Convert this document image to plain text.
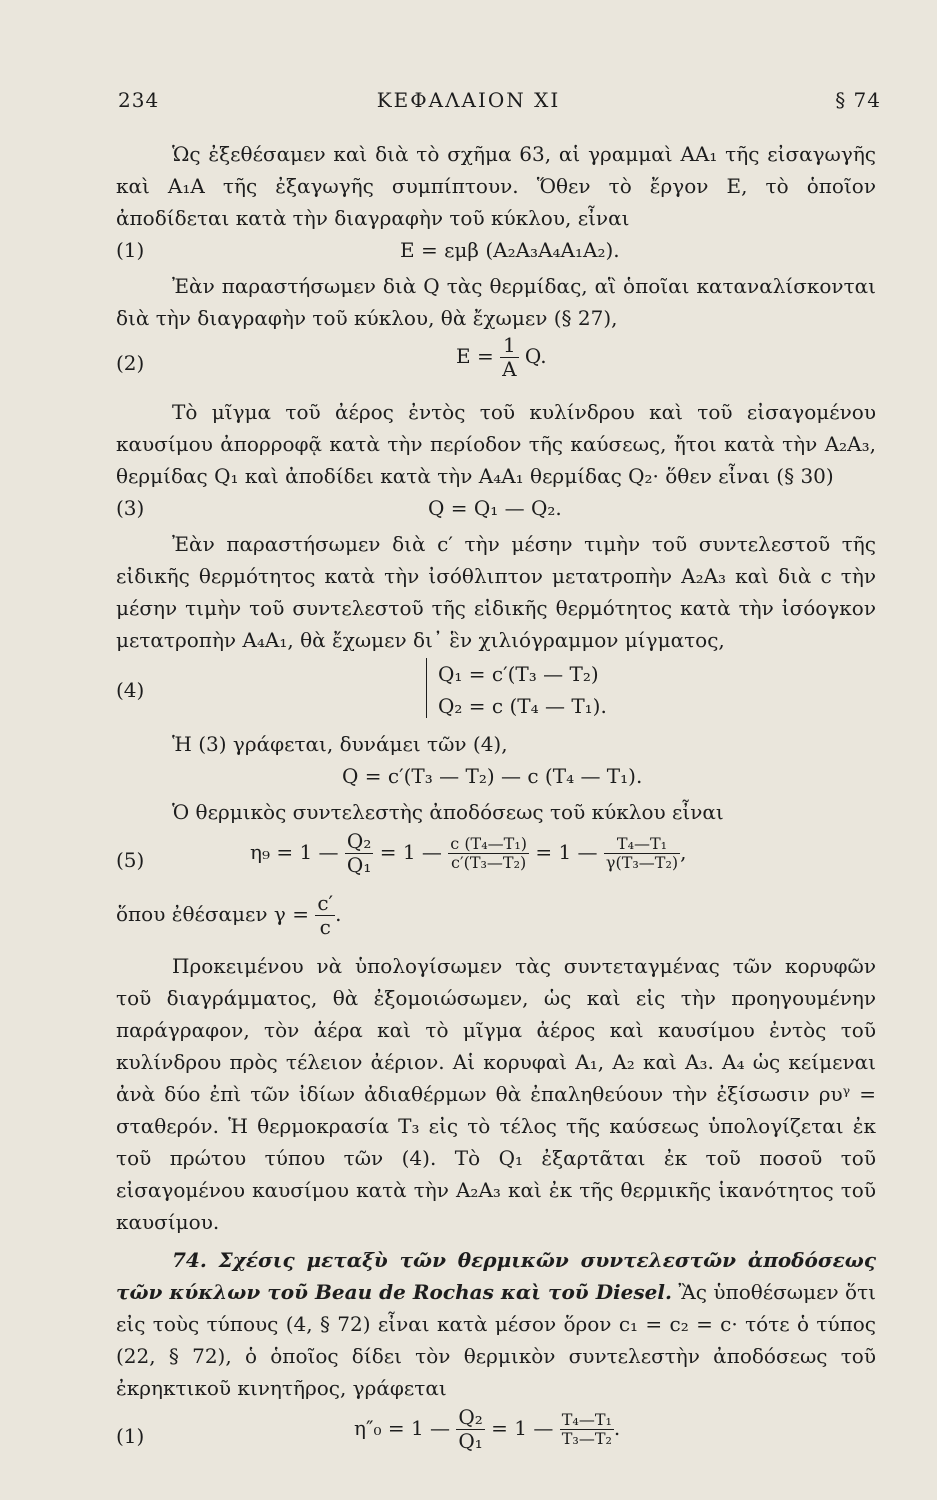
234	ΚΕΦΑΛΑΙΟΝ XI	§ 74

Ὡς ἐξεθέσαμεν καὶ διὰ τὸ σχῆμα 63, αἱ γραμμαὶ ΑΑ₁ τῆς εἰσαγωγῆς καὶ Α₁Α τῆς ἐξαγωγῆς συμπίπτουν. Ὅθεν τὸ ἔργον Ε, τὸ ὁποῖον ἀποδίδεται κατὰ τὴν διαγραφὴν τοῦ κύκλου, εἶναι

(1)	E = εμβ (Α₂Α₃Α₄Α₁Α₂).

Ἐὰν παραστήσωμεν διὰ Q τὰς θερμίδας, αἳ ὁποῖαι καταναλίσκονται διὰ τὴν διαγραφὴν τοῦ κύκλου, θὰ ἔχωμεν (§ 27),

(2)	$E = \frac{1}{A} Q$.

Τὸ μῖγμα τοῦ ἀέρος ἐντὸς τοῦ κυλίνδρου καὶ τοῦ εἰσαγομένου καυσίμου ἀπορροφᾷ κατὰ τὴν περίοδον τῆς καύσεως, ἤτοι κατὰ τὴν Α₂Α₃, θερμίδας Q₁ καὶ ἀποδίδει κατὰ τὴν Α₄Α₁ θερμίδας Q₂· ὅθεν εἶναι (§ 30)

(3)	Q = Q₁ — Q₂.

Ἐὰν παραστήσωμεν διὰ c′ τὴν μέσην τιμὴν τοῦ συντελεστοῦ τῆς εἰδικῆς θερμότητος κατὰ τὴν ἰσόθλιπτον μετατροπὴν Α₂Α₃ καὶ διὰ c τὴν μέσην τιμὴν τοῦ συντελεστοῦ τῆς εἰδικῆς θερμότητος κατὰ τὴν ἰσόογκον μετατροπὴν Α₄Α₁, θὰ ἔχωμεν δι᾿ ἓν χιλιόγραμμον μίγματος,

(4)
Q₁ = c′(T₃ — T₂)
Q₂ = c (T₄ — T₁).

Ἡ (3) γράφεται, δυνάμει τῶν (4),

Q = c′(T₃ — T₂) — c (T₄ — T₁).

Ὁ θερμικὸς συντελεστὴς ἀποδόσεως τοῦ κύκλου εἶναι

(5)	η₉ = 1 — $\frac{\text{Q₂}}{\text{Q₁}} = 1$ — $\frac{\text{c (T₄—T₁)}}{\text{c′(T₃—T₂)}} = 1$ — $\frac{\text{T₄—T₁}}{\text{γ(T₃—T₂)}}$ ,
ὅπου ἐθέσαμεν $\gamma = \frac{c'}{c}$ .

Προκειμένου νὰ ὑπολογίσωμεν τὰς συντεταγμένας τῶν κορυφῶν τοῦ διαγράμματος, θὰ ἐξομοιώσωμεν, ὡς καὶ εἰς τὴν προηγουμένην παράγραφον, τὸν ἀέρα καὶ τὸ μῖγμα ἀέρος καὶ καυσίμου ἐντὸς τοῦ κυλίνδρου πρὸς τέλειον ἀέριον. Αἱ κορυφαὶ Α₁, Α₂ καὶ Α₃. Α₄ ὡς κείμεναι ἀνὰ δύο ἐπὶ τῶν ἰδίων ἀδιαθέρμων θὰ ἐπαληθεύουν τὴν ἐξίσωσιν ρυᵞ = σταθερόν. Ἡ θερμοκρασία Τ₃ εἰς τὸ τέλος τῆς καύσεως ὑπολογίζεται ἐκ τοῦ πρώτου τύπου τῶν (4). Τὸ Q₁ ἐξαρτᾶται ἐκ τοῦ ποσοῦ τοῦ εἰσαγομένου καυσίμου κατὰ τὴν Α₂Α₃ καὶ ἐκ τῆς θερμικῆς ἱκανότητος τοῦ καυσίμου.

74. Σχέσις μεταξὺ τῶν θερμικῶν συντελεστῶν ἀποδόσεως τῶν κύκλων τοῦ Beau de Rochas καὶ τοῦ Diesel. Ἂς ὑποθέσωμεν ὅτι εἰς τοὺς τύπους (4, § 72) εἶναι κατὰ μέσον ὅρον c₁ = c₂ = c· τότε ὁ τύπος (22, § 72), ὁ ὁποῖος δίδει τὸν θερμικὸν συντελεστὴν ἀποδόσεως τοῦ ἐκρηκτικοῦ κινητῆρος, γράφεται

(1)	η″₀ = 1 — $\frac{\text{Q₂}}{\text{Q₁}} = 1$ — $\frac{\text{T₄—T₁}}{\text{T₃—T₂}}$ .
